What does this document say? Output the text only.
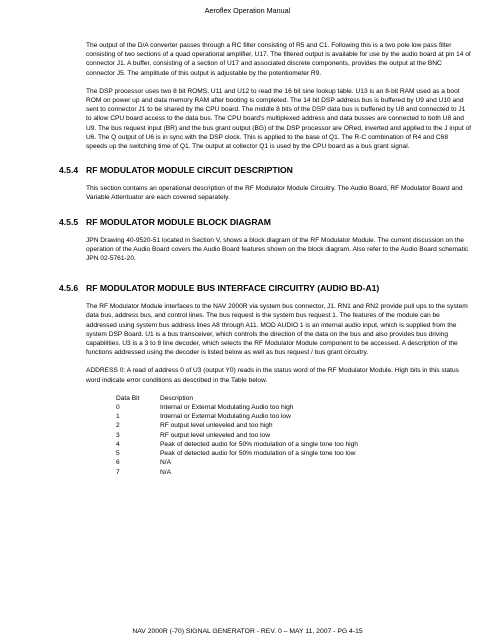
Aeroflex Operation Manual

The output of the D/A converter passes through a RC filter consisting of R5 and C1. Following this is a two pole low pass filter consisting of two sections of a quad operational amplifier, U17. The filtered output is available for use by the audio board at pin 14 of connector J1. A buffer, consisting of a section of U17 and associated discrete components, provides the output at the BNC connector J5. The amplitude of this output is adjustable by the potentiometer R9.

The DSP processor uses two 8 bit ROMS, U11 and U12 to read the 16 bit sine lookup table. U13 is an 8-bit RAM used as a boot ROM on power up and data memory RAM after booting is completed. The 14 bit DSP address bus is buffered by U9 and U10 and sent to connector J1 to be shared by the CPU board. The middle 8 bits of the DSP data bus is buffered by U8 and connected to J1 to allow CPU board access to the data bus. The CPU board's multiplexed address and data busses are connected to both U8 and U9. The bus request input (BR) and the bus grant output (BG) of the DSP processor are ORed, inverted and applied to the J input of U6. The Q output of U6 is in sync with the DSP clock. This is applied to the base of Q1. The R-C combination of R4 and C68 speeds up the switching time of Q1. The output at collector Q1 is used by the CPU board as a bus grant signal.

4.5.4 RF MODULATOR MODULE CIRCUIT DESCRIPTION

This section contains an operational description of the RF Modulator Module Circuitry. The Audio Board, RF Modulator Board and Variable Attentuator are each covered separately.

4.5.5 RF MODULATOR MODULE BLOCK DIAGRAM

JPN Drawing 40-9520-51 located in Section V, shows a block diagram of the RF Modulator Module. The current discussion on the operation of the Audio Board covers the Audio Board features shown on the block diagram. Also refer to the Audio Board schematic JPN 02-5761-20.

4.5.6 RF MODULATOR MODULE BUS INTERFACE CIRCUITRY (AUDIO BD-A1)

The RF Modulator Module interfaces to the NAV 2000R via system bus connector, J1. RN1 and RN2 provide pull ups to the system data bus, address bus, and control lines. The bus request is the system bus request 1. The features of the module can be addressed using system bus address lines A8 through A11. MOD AUDIO 1 is an internal audio input, which is supplied from the system DSP Board. U1 is a bus transceiver, which controls the direction of the data on the bus and also provides bus driving capabilities. U3 is a 3 to 8 line decoder, which selects the RF Modulator Module component to be accessed. A description of the functions addressed using the decoder is listed below as well as bus request / bus grant circuitry.

ADDRESS 0: A read of address 0 of U3 (output Y0) reads in the status word of the RF Modulator Module. High bits in this status word indicate error conditions as described in the Table below.

Data Bit	Description
0	Internal or External Modulating Audio too high
1	Internal or External Modulating Audio too low
2	RF output level unleveled and too high
3	RF output level unleveled and too low
4	Peak of detected audio for 50% modulation of a single tone too high
5	Peak of detected audio for 50% modulation of a single tone too low
6	N/A
7	N/A
NAV 2000R (-70) SIGNAL GENERATOR - REV. 0 – MAY 11, 2007 - PG 4-15
